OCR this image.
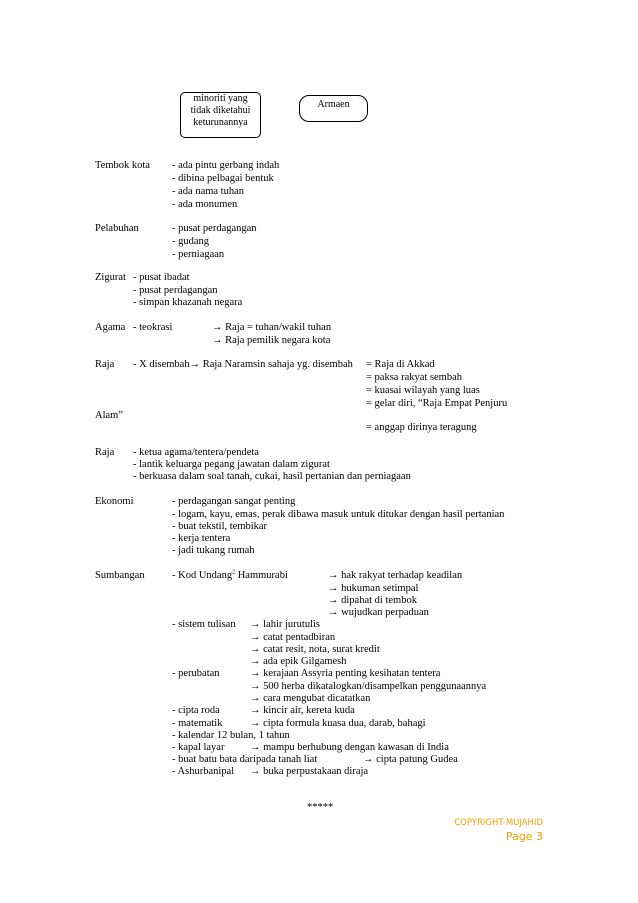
minoriti yang
tidak diketahui
keturunannya
Armaen
Tembok kota - ada pintu gerbang indah
- dibina pelbagai bentuk
- ada nama tuhan
- ada monumen
Pelabuhan	- pusat perdagangan
- gudang
- perniagaan
Zigurat - pusat ibadat
- pusat perdagangan
- simpan khazanah negara
Agama - teokrasi	→ Raja = tuhan/wakil tuhan
→ Raja pemilik negara kota
Raja - X disembah→ Raja Naramsin sahaja yg. disembah = Raja di Akkad
= paksa rakyat sembah
= kuasai wilayah yang luas
= gelar diri, “Raja Empat Penjuru
Alam”
= anggap dirinya teragung
Raja - ketua agama/tentera/pendeta
- lantik keluarga pegang jawatan dalam zigurat
- berkuasa dalam soal tanah, cukai, hasil pertanian dan perniagaan
Ekonomi	- perdagangan sangat penting
- logam, kayu, emas, perak dibawa masuk untuk ditukar dengan hasil pertanian
- buat tekstil, tembikar
- kerja tentera
- jadi tukang rumah
Sumbangan	- Kod Undang$^2$ Hammurabi	→ hak rakyat terhadap keadilan
→ hukuman setimpal
→ dipahat di tembok
→ wujudkan perpaduan
- sistem tulisan → lahir jurutulis
→ catat pentadbiran
→ catat resit, nota, surat kredit
→ ada epik Gilgamesh
- perubatan	→ kerajaan Assyria penting kesihatan tentera
→ 500 herba dikatalogkan/disampelkan penggunaannya
→ cara mengubat dicatatkan
- cipta roda	→ kincir air, kereta kuda
- matematik	→ cipta formula kuasa dua, darab, bahagi
- kalendar 12 bulan, 1 tahun
- kapal layar → mampu berhubung dengan kawasan di India
- buat batu bata daripada tanah liat	→ cipta patung Gudea
- Ashurbanipal → buka perpustakaan diraja
*****
COPYRIGHT-MUJAHID
Page 3
